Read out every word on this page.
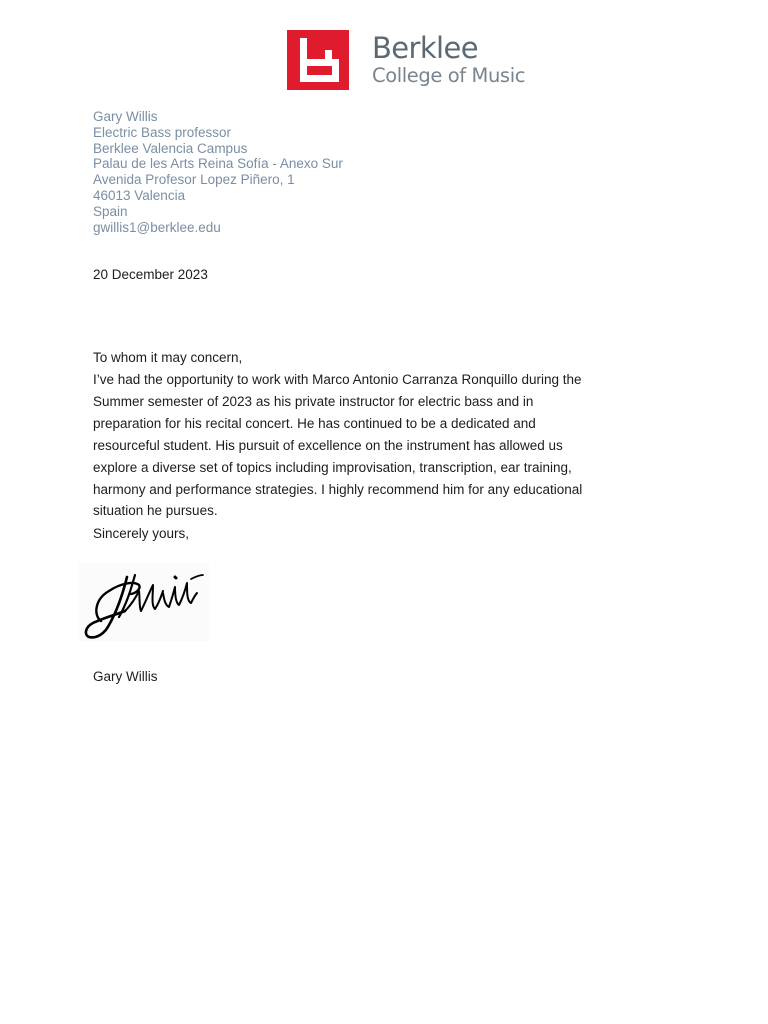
Berklee
College of Music
Gary Willis
Electric Bass professor
Berklee Valencia Campus
Palau de les Arts Reina Sofía - Anexo Sur
Avenida Profesor Lopez Piñero, 1
46013 Valencia
Spain
gwillis1@berklee.edu
20 December 2023
To whom it may concern,
I’ve had the opportunity to work with Marco Antonio Carranza Ronquillo during the Summer semester of 2023 as his private instructor for electric bass and in preparation for his recital concert. He has continued to be a dedicated and resourceful student. His pursuit of excellence on the instrument has allowed us explore a diverse set of topics including improvisation, transcription, ear training, harmony and performance strategies. I highly recommend him for any educational situation he pursues.
Sincerely yours,
Gary Willis
